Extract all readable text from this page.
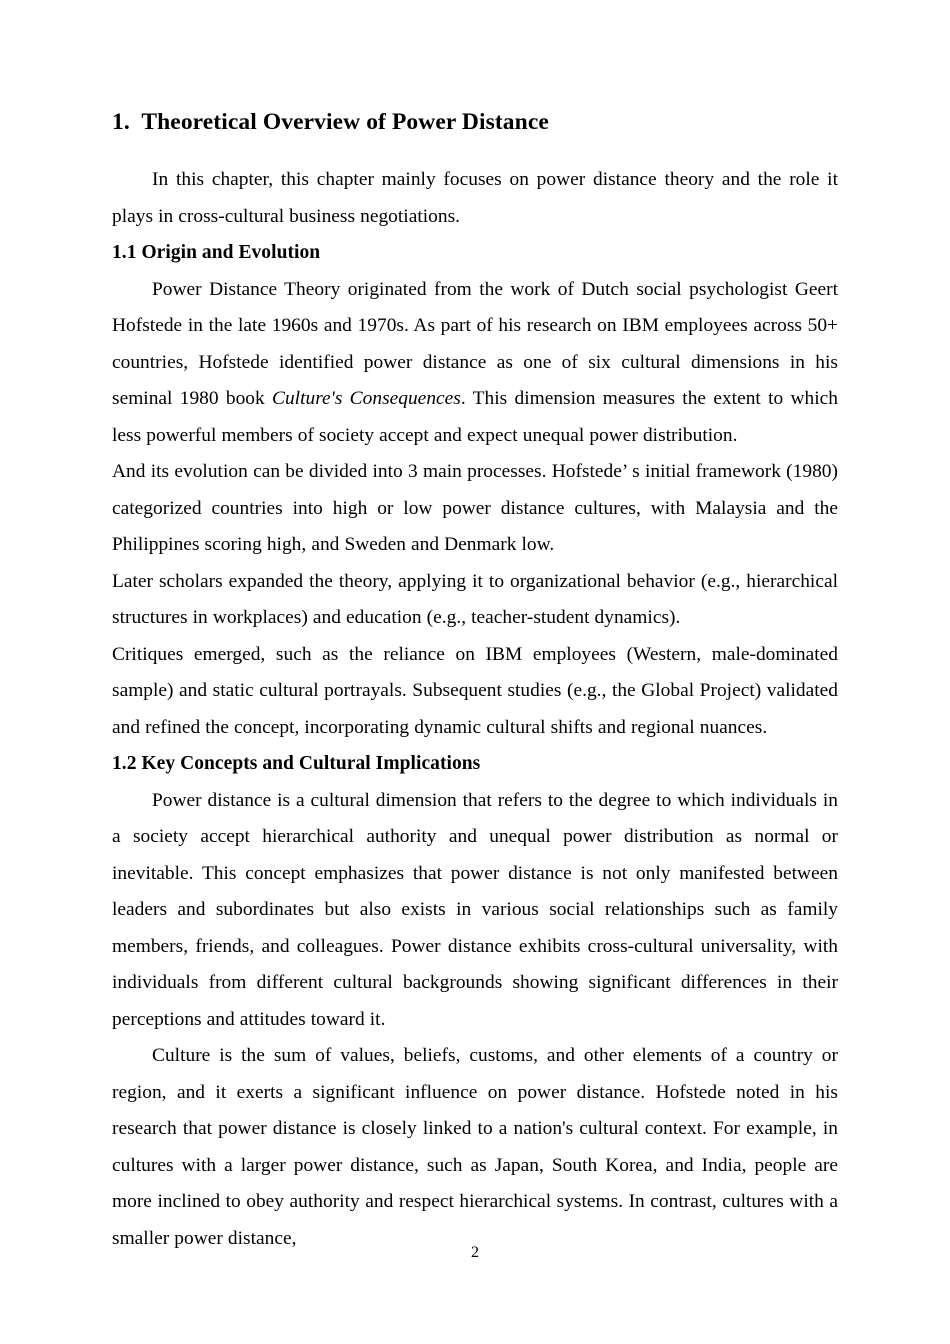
1.  Theoretical Overview of Power Distance

In this chapter, this chapter mainly focuses on power distance theory and the role it plays in cross-cultural business negotiations.

1.1 Origin and Evolution

Power Distance Theory originated from the work of Dutch social psychologist Geert Hofstede in the late 1960s and 1970s. As part of his research on IBM employees across 50+ countries, Hofstede identified power distance as one of six cultural dimensions in his seminal 1980 book Culture's Consequences. This dimension measures the extent to which less powerful members of society accept and expect unequal power distribution.

And its evolution can be divided into 3 main processes. Hofstede’ s initial framework (1980) categorized countries into high or low power distance cultures, with Malaysia and the Philippines scoring high, and Sweden and Denmark low.

Later scholars expanded the theory, applying it to organizational behavior (e.g., hierarchical structures in workplaces) and education (e.g., teacher-student dynamics).

Critiques emerged, such as the reliance on IBM employees (Western, male-dominated sample) and static cultural portrayals. Subsequent studies (e.g., the Global Project) validated and refined the concept, incorporating dynamic cultural shifts and regional nuances.

1.2 Key Concepts and Cultural Implications

Power distance is a cultural dimension that refers to the degree to which individuals in a society accept hierarchical authority and unequal power distribution as normal or inevitable. This concept emphasizes that power distance is not only manifested between leaders and subordinates but also exists in various social relationships such as family members, friends, and colleagues. Power distance exhibits cross-cultural universality, with individuals from different cultural backgrounds showing significant differences in their perceptions and attitudes toward it.

Culture is the sum of values, beliefs, customs, and other elements of a country or region, and it exerts a significant influence on power distance. Hofstede noted in his research that power distance is closely linked to a nation's cultural context. For example, in cultures with a larger power distance, such as Japan, South Korea, and India, people are more inclined to obey authority and respect hierarchical systems. In contrast, cultures with a smaller power distance,

2
